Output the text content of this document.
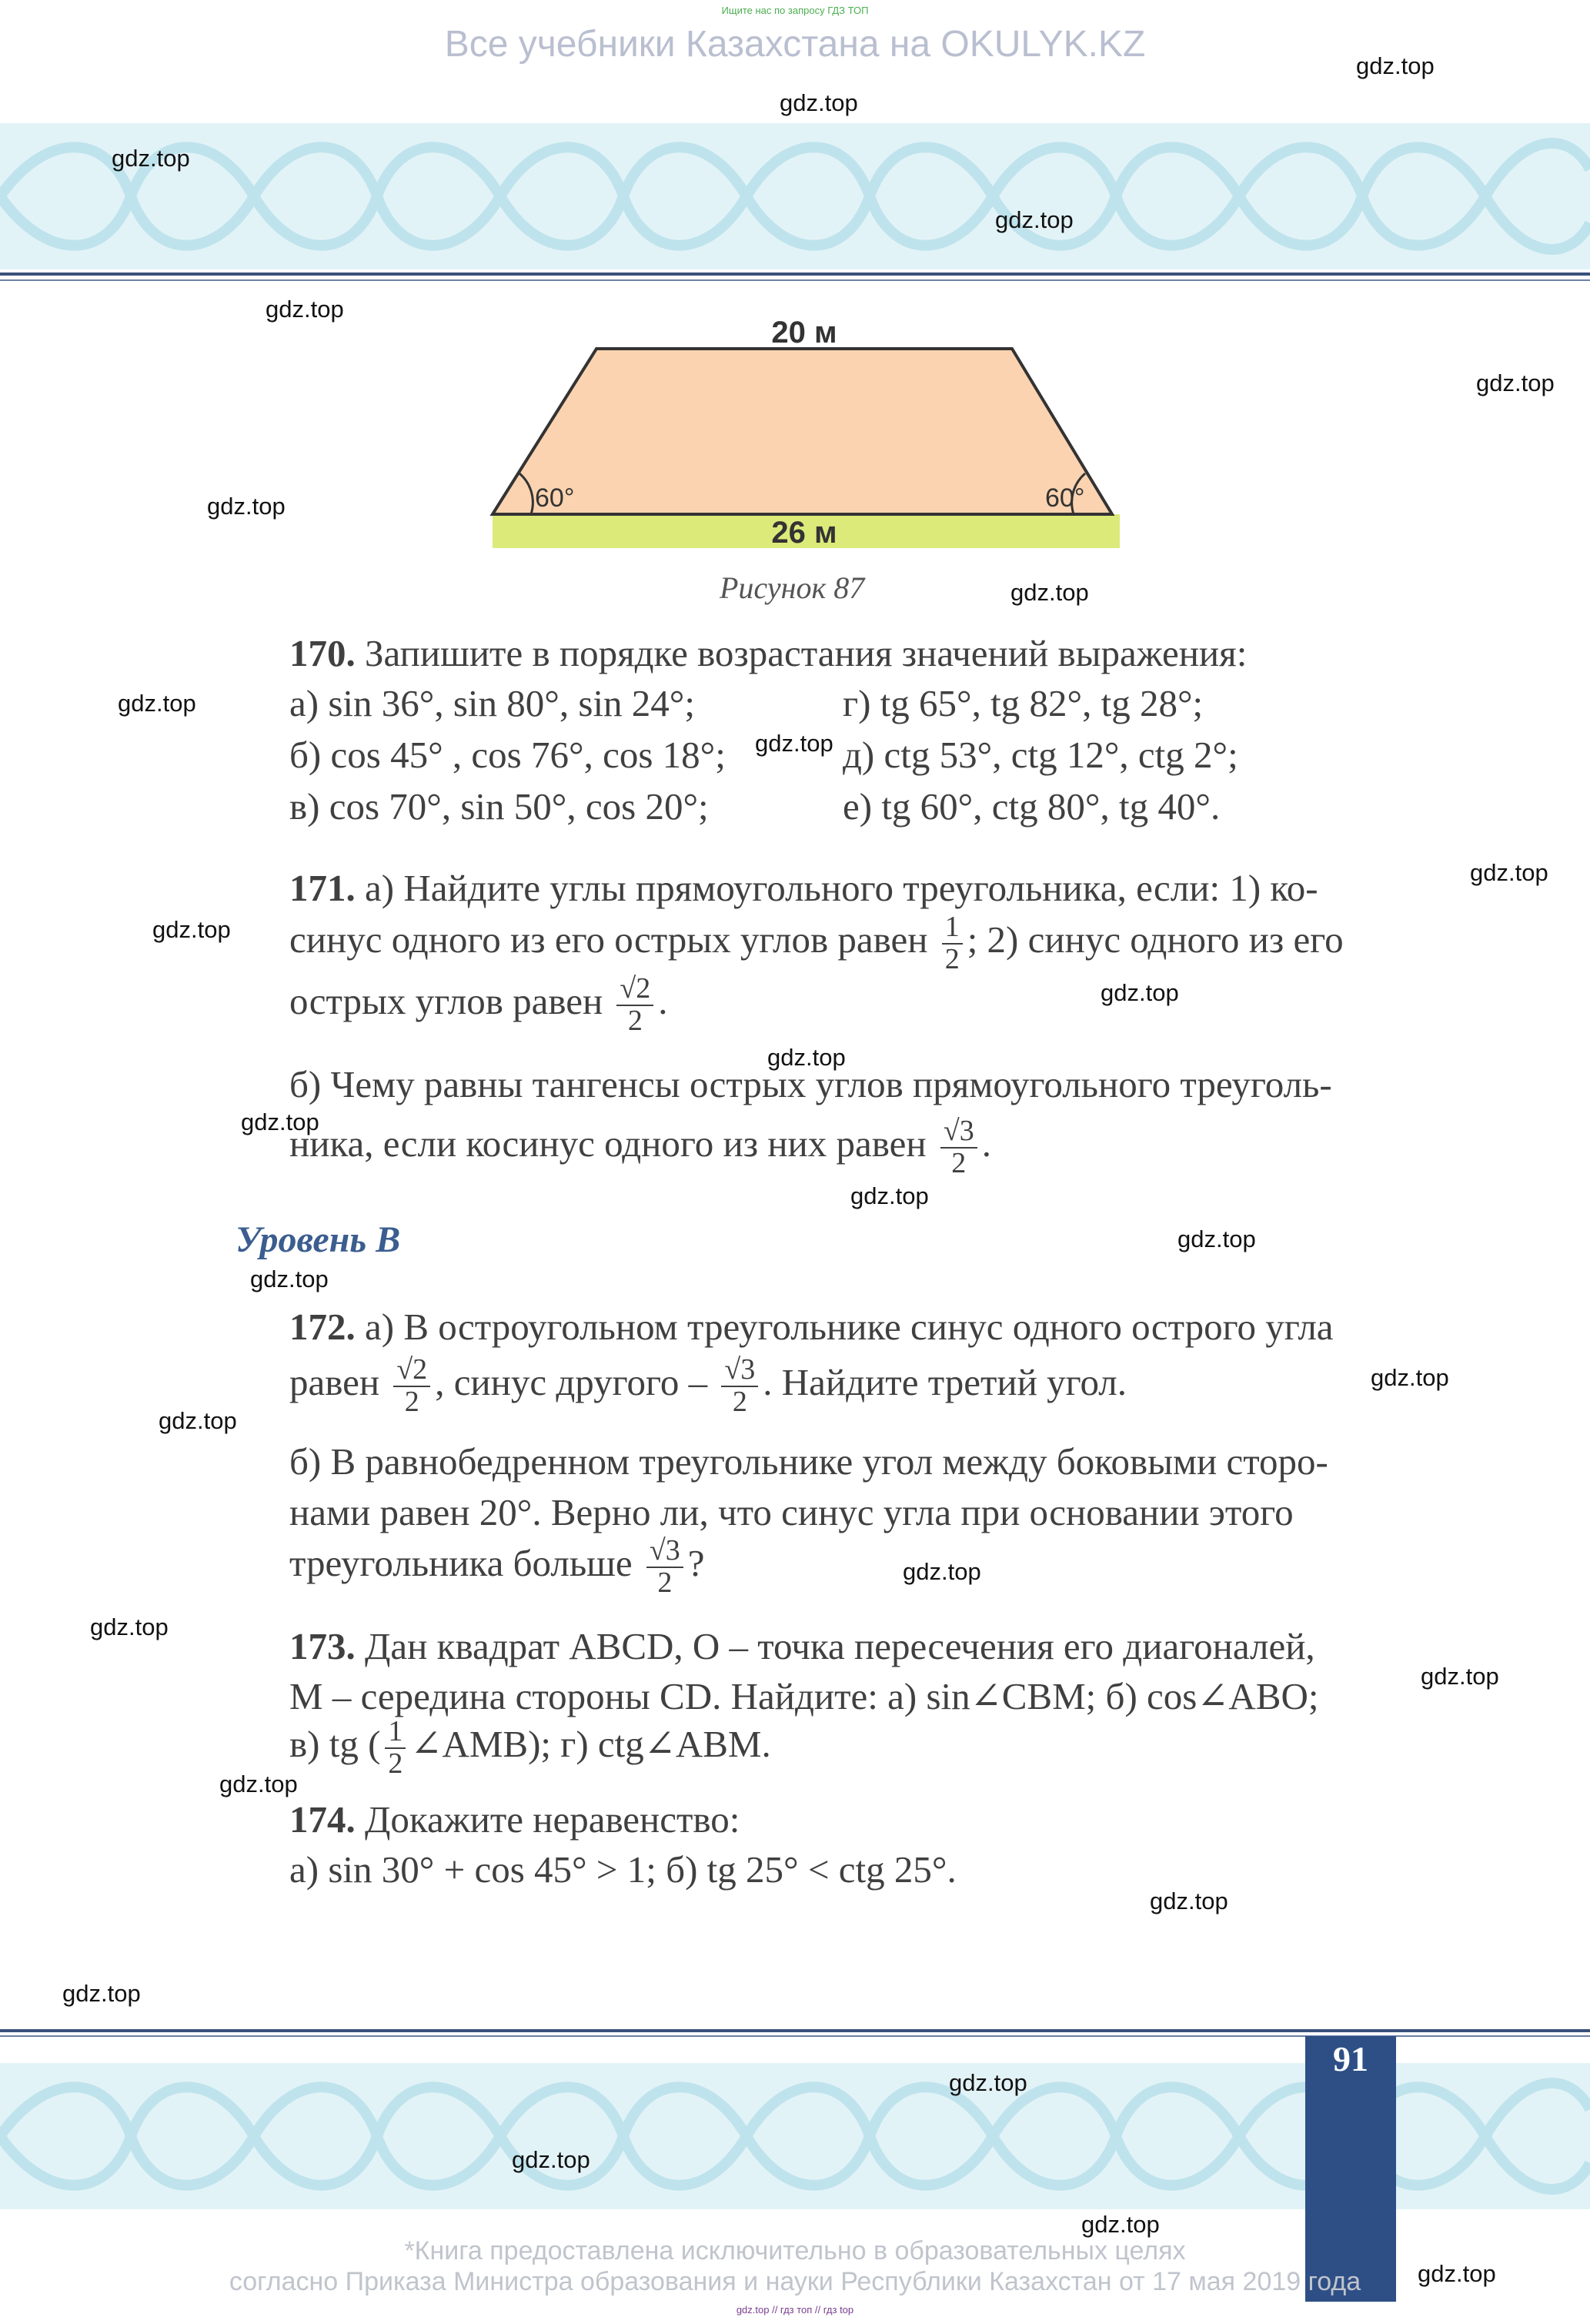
Ищите нас по запросу ГДЗ ТОП
Все учебники Казахстана на OKULYK.KZ
20 м
26 м
60°	60°
Рисунок 87
170. Запишите в порядке возрастания значений выражения:
а) sin 36°, sin 80°, sin 24°;
б) cos 45° , cos 76°, cos 18°;
в) cos 70°, sin 50°, cos 20°;
г) tg 65°, tg 82°, tg 28°;
д) ctg 53°, ctg 12°, ctg 2°;
е) tg 60°, ctg 80°, tg 40°.
171. а) Найдите углы прямоугольного треугольника, если: 1) ко-
синус одного из его острых углов равен $\frac{1}{2}$ ; 2) синус одного из его
острых углов равен $\frac{√2}{2}$ .
б) Чему равны тангенсы острых углов прямоугольного треуголь-
ника, если косинус одного из них равен $\frac{√3}{2}$ .
Уровень В
172. а) В остроугольном треугольнике синус одного острого угла
равен $\frac{√2}{2}$ , синус другого – $\frac{√3}{2}$ . Найдите третий угол.
б) В равнобедренном треугольнике угол между боковыми сторо-
нами равен 20°. Верно ли, что синус угла при основании этого
треугольника больше $\frac{√3}{2}$ ?
173. Дан квадрат ABCD, O – точка пересечения его диагоналей,
M – середина стороны CD. Найдите: а) sin∠CBM; б) cos∠ABO;
в) tg ( $\frac{1}{2}$ ∠AMB); г) ctg∠ABM.
174. Докажите неравенство:
а) sin 30° + cos 45° > 1; б) tg 25° < ctg 25°.
91
*Книга предоставлена исключительно в образовательных целях
согласно Приказа Министра образования и науки Республики Казахстан от 17 мая 2019 года
gdz.top // гдз топ // гдз top
gdz.top
gdz.top
gdz.top
gdz.top
gdz.top
gdz.top
gdz.top
gdz.top
gdz.top
gdz.top
gdz.top
gdz.top
gdz.top
gdz.top
gdz.top
gdz.top
gdz.top
gdz.top
gdz.top
gdz.top
gdz.top
gdz.top
gdz.top
gdz.top
gdz.top
gdz.top
gdz.top
gdz.top
gdz.top
gdz.top
